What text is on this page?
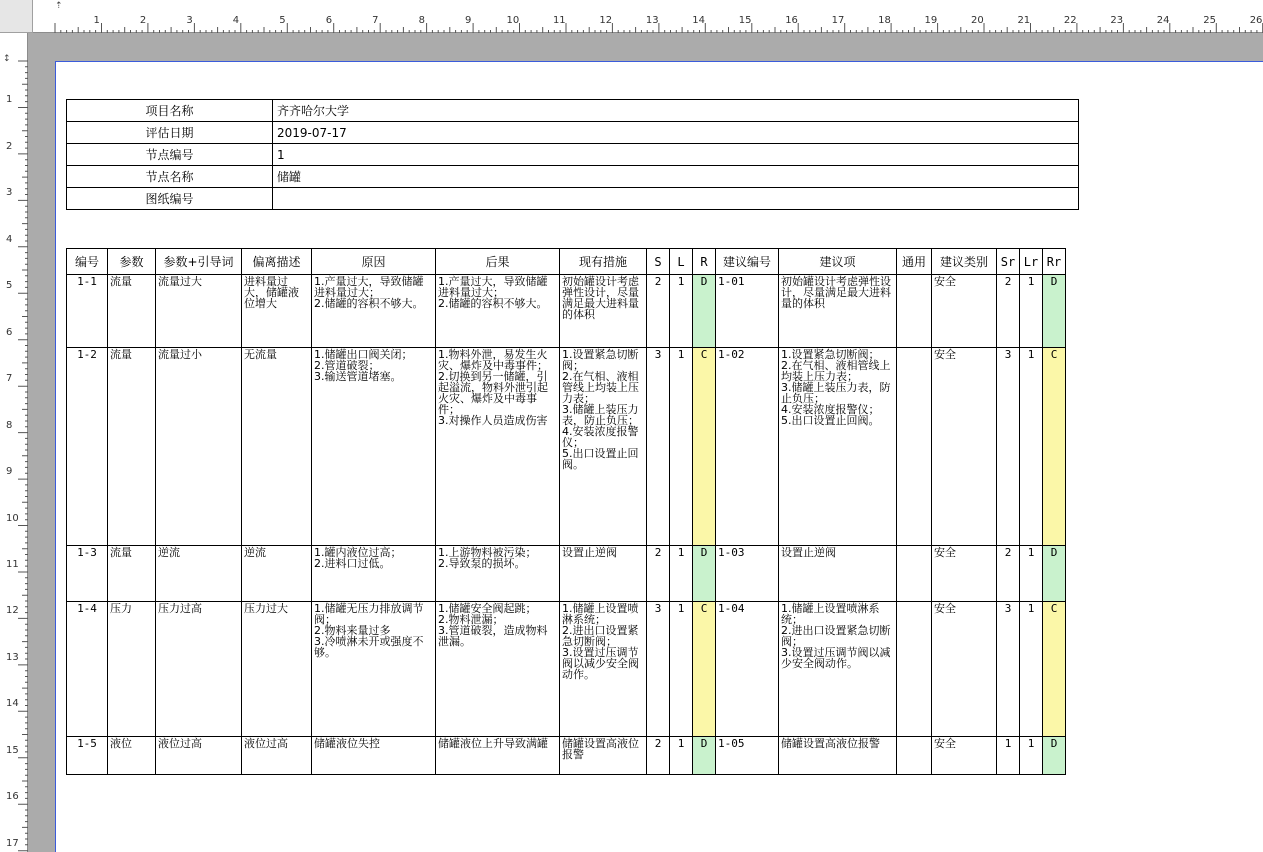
⇡
1	2	3	4	5	6	7	8	9	10	11	12	13	14	15	16	17	18	19	20	21	22	23	24	25	26
↕
1
2
3
4
5
6
7
8
9
10
11
12
13
14
15
16
17
项目名称	齐齐哈尔大学
评估日期	2019-07-17
节点编号	1
节点名称	储罐
图纸编号	
编号	参数	参数+引导词	偏离描述	原因	后果	现有措施	S	L	R	建议编号	建议项	通用	建议类别	Sr	Lr	Rr
1-1	流量	流量过大	进料量过大，储罐液位增大	1.产量过大，导致储罐进料量过大；
2.储罐的容积不够大。	1.产量过大，导致储罐进料量过大；
2.储罐的容积不够大。	初始罐设计考虑弹性设计，尽量满足最大进料量的体积	2	1	D	1-01	初始罐设计考虑弹性设计，尽量满足最大进料量的体积		安全	2	1	D
1-2	流量	流量过小	无流量	1.储罐出口阀关闭；
2.管道破裂；
3.输送管道堵塞。	1.物料外泄，易发生火灾、爆炸及中毒事件；
2.切换到另一储罐，引起溢流，物料外泄引起火灾、爆炸及中毒事件；
3.对操作人员造成伤害	1.设置紧急切断阀；
2.在气相、液相管线上均装上压力表；
3.储罐上装压力表，防止负压；
4.安装浓度报警仪；
5.出口设置止回阀。	3	1	C	1-02	1.设置紧急切断阀；
2.在气相、液相管线上均装上压力表；
3.储罐上装压力表，防止负压；
4.安装浓度报警仪；
5.出口设置止回阀。		安全	3	1	C
1-3	流量	逆流	逆流	1.罐内液位过高；
2.进料口过低。	1.上游物料被污染；
2.导致泵的损坏。	设置止逆阀	2	1	D	1-03	设置止逆阀		安全	2	1	D
1-4	压力	压力过高	压力过大	1.储罐无压力排放调节阀；
2.物料来量过多
3.冷喷淋未开或强度不够。	1.储罐安全阀起跳；
2.物料泄漏；
3.管道破裂，造成物料泄漏。	1.储罐上设置喷淋系统；
2.进出口设置紧急切断阀；
3.设置过压调节阀以减少安全阀动作。	3	1	C	1-04	1.储罐上设置喷淋系统；
2.进出口设置紧急切断阀；
3.设置过压调节阀以减少安全阀动作。		安全	3	1	C
1-5	液位	液位过高	液位过高	储罐液位失控	储罐液位上升导致满罐	储罐设置高液位报警	2	1	D	1-05	储罐设置高液位报警		安全	1	1	D
